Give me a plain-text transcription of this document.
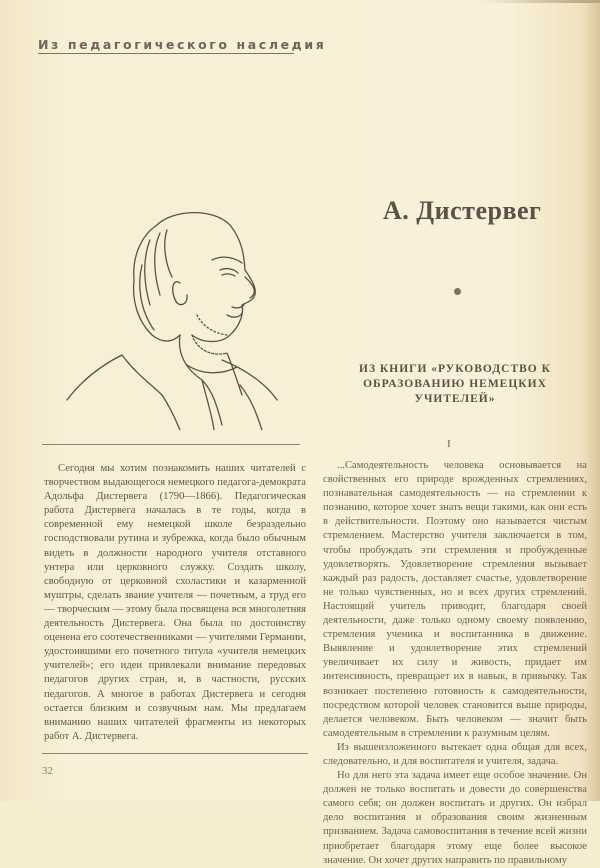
Из педагогического наследия
А. Дистервег
ИЗ КНИГИ «РУКОВОДСТВО К ОБРАЗОВАНИЮ НЕМЕЦКИХ УЧИТЕЛЕЙ»
I

Сегодня мы хотим познакомить наших читателей с творчеством выдающегося немецкого педагога-демократа Адольфа Дистервега (1790—1866). Педагогическая работа Дистервега началась в те годы, когда в современной ему немецкой школе безраздельно господствовали рутина и зубрежка, когда было обычным видеть в должности народного учителя отставного унтера или церковного служку. Создать школу, свободную от церковной схоластики и казарменной муштры, сделать звание учителя — почетным, а труд его — творческим — этому была посвящена вся многолетняя деятельность Дистервега. Она была по достоинству оценена его соотечественниками — учителями Германии, удостоившими его почетного титула «учителя немецких учителей»; его идеи привлекали внимание передовых педагогов других стран, и, в частности, русских педагогов. А многое в работах Дистервега и сегодня остается близким и созвучным нам. Мы предлагаем вниманию наших читателей фрагменты из некоторых работ А. Дистервега.

...Самодеятельность человека основывается на свойственных его природе врожденных стремлениях, познавательная самодеятельность — на стремлении к познанию, которое хочет знать вещи такими, как они есть в действительности. Поэтому оно называется чистым стремлением. Мастерство учителя заключается в том, чтобы пробуждать эти стремления и пробужденные удовлетворять. Удовлетворение стремления вызывает каждый раз радость, доставляет счастье, удовлетворение не только чувственных, но и всех других стремлений. Настоящий учитель приводит, благодаря своей деятельности, даже только одному своему появлению, стремления ученика и воспитанника в движение. Выявление и удовлетворение этих стремлений увеличивает их силу и живость, придает им интенсивность, превращает их в навык, в привычку. Так возникает постепенно готовность к самодеятельности, посредством которой человек становится выше природы, делается человеком. Быть человеком — значит быть самодеятельным в стремлении к разумным целям.

Из вышеизложенного вытекает одна общая для всех, следовательно, и для воспитателя и учителя, задача.

Но для него эта задача имеет еще особое значение. Он должен не только воспитать и довести до совершенства самого себя; он должен воспитать и других. Он избрал дело воспитания и образования своим жизненным призванием. Задача самовоспитания в течение всей жизни приобретает благодаря этому еще более высокое значение. Он хочет других направить по правильному

32
